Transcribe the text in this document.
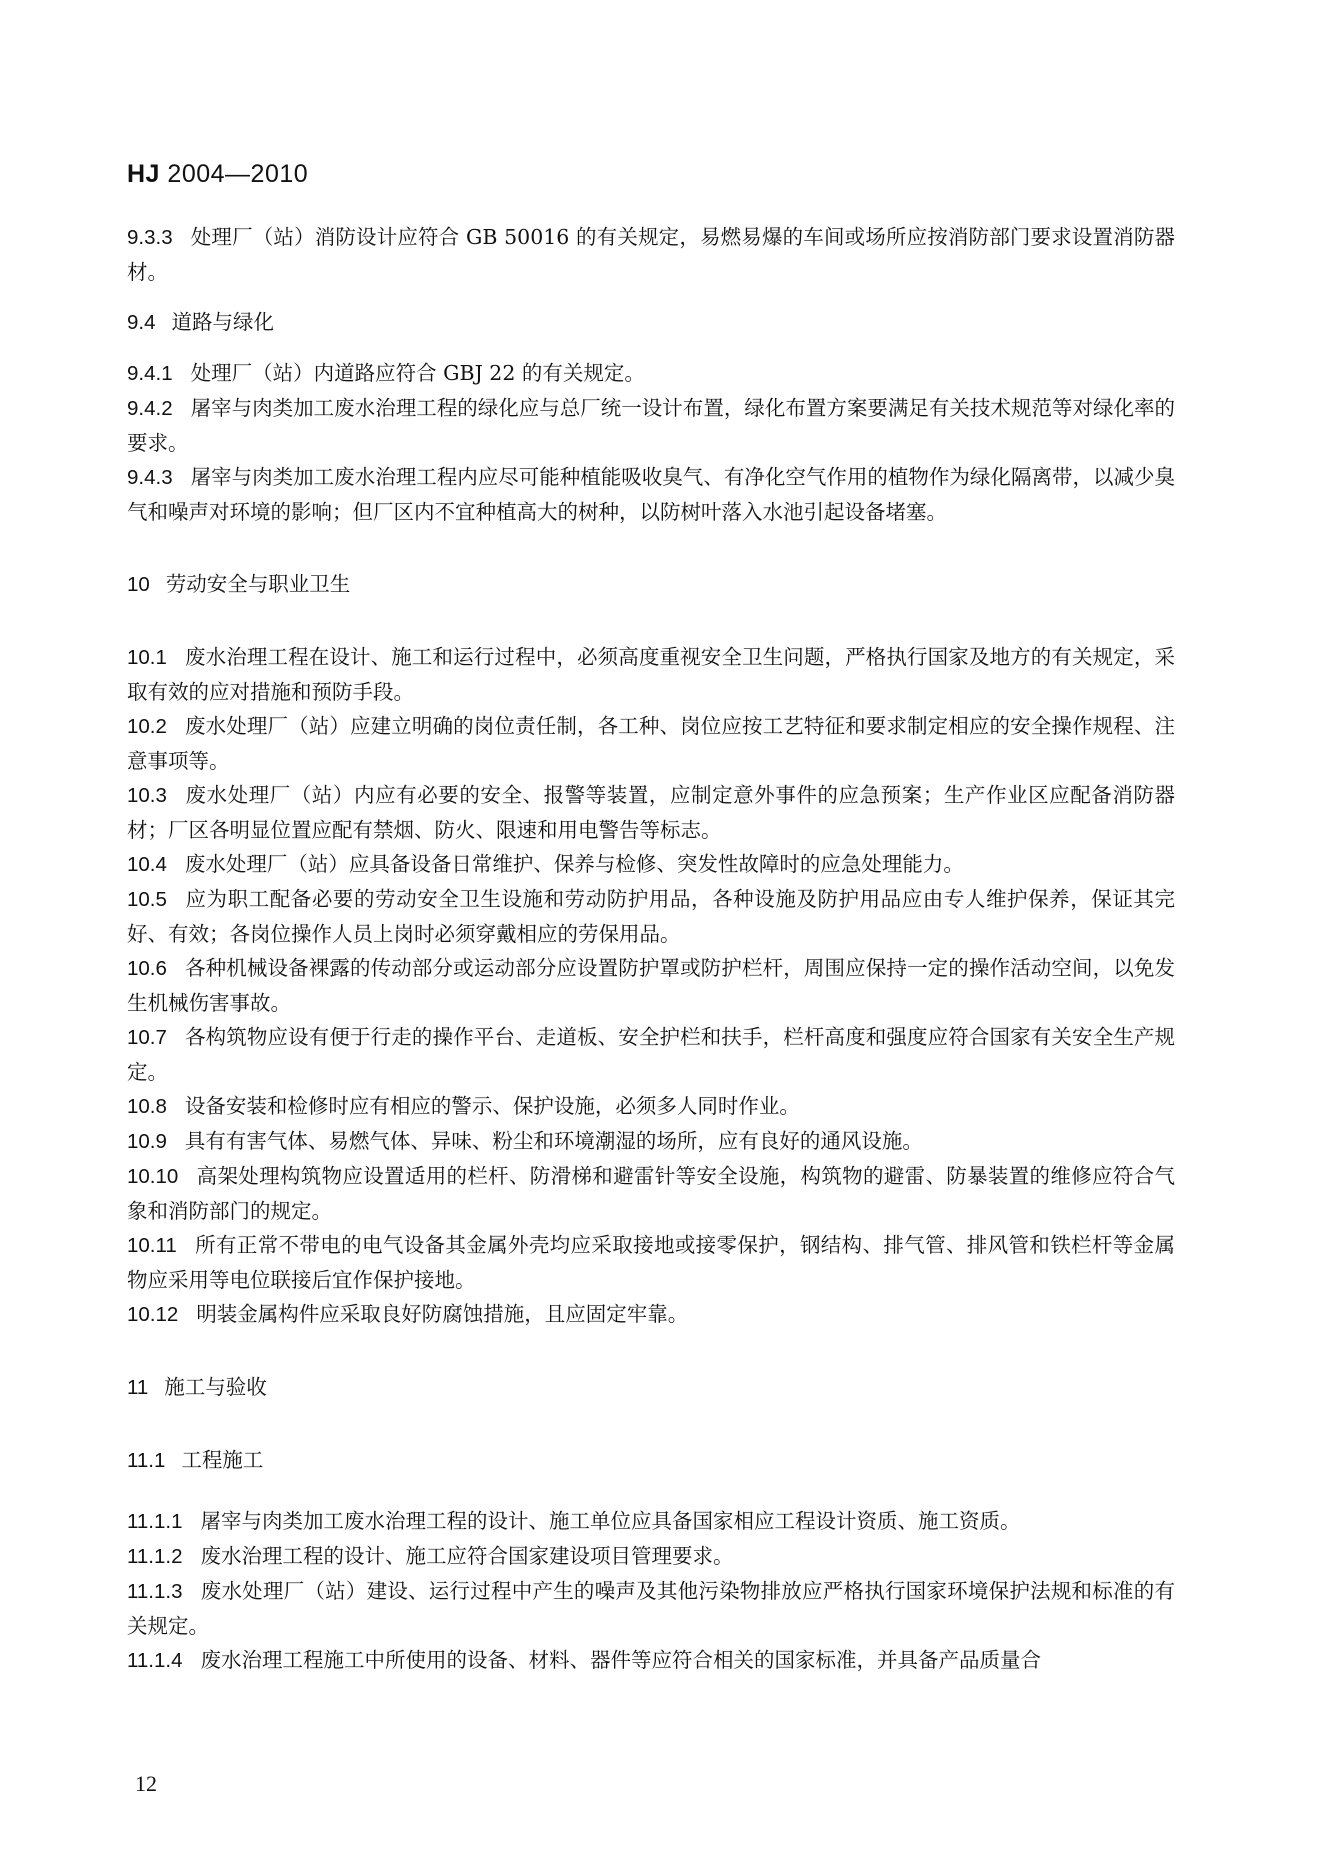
HJ 2004—2010

9.3.3 处理厂（站）消防设计应符合 GB 50016 的有关规定，易燃易爆的车间或场所应按消防部门要求设置消防器材。

9.4 道路与绿化

9.4.1 处理厂（站）内道路应符合 GBJ 22 的有关规定。

9.4.2 屠宰与肉类加工废水治理工程的绿化应与总厂统一设计布置，绿化布置方案要满足有关技术规范等对绿化率的要求。

9.4.3 屠宰与肉类加工废水治理工程内应尽可能种植能吸收臭气、有净化空气作用的植物作为绿化隔离带，以减少臭气和噪声对环境的影响；但厂区内不宜种植高大的树种，以防树叶落入水池引起设备堵塞。

10 劳动安全与职业卫生

10.1 废水治理工程在设计、施工和运行过程中，必须高度重视安全卫生问题，严格执行国家及地方的有关规定，采取有效的应对措施和预防手段。

10.2 废水处理厂（站）应建立明确的岗位责任制，各工种、岗位应按工艺特征和要求制定相应的安全操作规程、注意事项等。

10.3 废水处理厂（站）内应有必要的安全、报警等装置，应制定意外事件的应急预案；生产作业区应配备消防器材；厂区各明显位置应配有禁烟、防火、限速和用电警告等标志。

10.4 废水处理厂（站）应具备设备日常维护、保养与检修、突发性故障时的应急处理能力。

10.5 应为职工配备必要的劳动安全卫生设施和劳动防护用品，各种设施及防护用品应由专人维护保养，保证其完好、有效；各岗位操作人员上岗时必须穿戴相应的劳保用品。

10.6 各种机械设备裸露的传动部分或运动部分应设置防护罩或防护栏杆，周围应保持一定的操作活动空间，以免发生机械伤害事故。

10.7 各构筑物应设有便于行走的操作平台、走道板、安全护栏和扶手，栏杆高度和强度应符合国家有关安全生产规定。

10.8 设备安装和检修时应有相应的警示、保护设施，必须多人同时作业。

10.9 具有有害气体、易燃气体、异味、粉尘和环境潮湿的场所，应有良好的通风设施。

10.10 高架处理构筑物应设置适用的栏杆、防滑梯和避雷针等安全设施，构筑物的避雷、防暴装置的维修应符合气象和消防部门的规定。

10.11 所有正常不带电的电气设备其金属外壳均应采取接地或接零保护，钢结构、排气管、排风管和铁栏杆等金属物应采用等电位联接后宜作保护接地。

10.12 明装金属构件应采取良好防腐蚀措施，且应固定牢靠。

11 施工与验收

11.1 工程施工

11.1.1 屠宰与肉类加工废水治理工程的设计、施工单位应具备国家相应工程设计资质、施工资质。

11.1.2 废水治理工程的设计、施工应符合国家建设项目管理要求。

11.1.3 废水处理厂（站）建设、运行过程中产生的噪声及其他污染物排放应严格执行国家环境保护法规和标准的有关规定。

11.1.4 废水治理工程施工中所使用的设备、材料、器件等应符合相关的国家标准，并具备产品质量合

12
